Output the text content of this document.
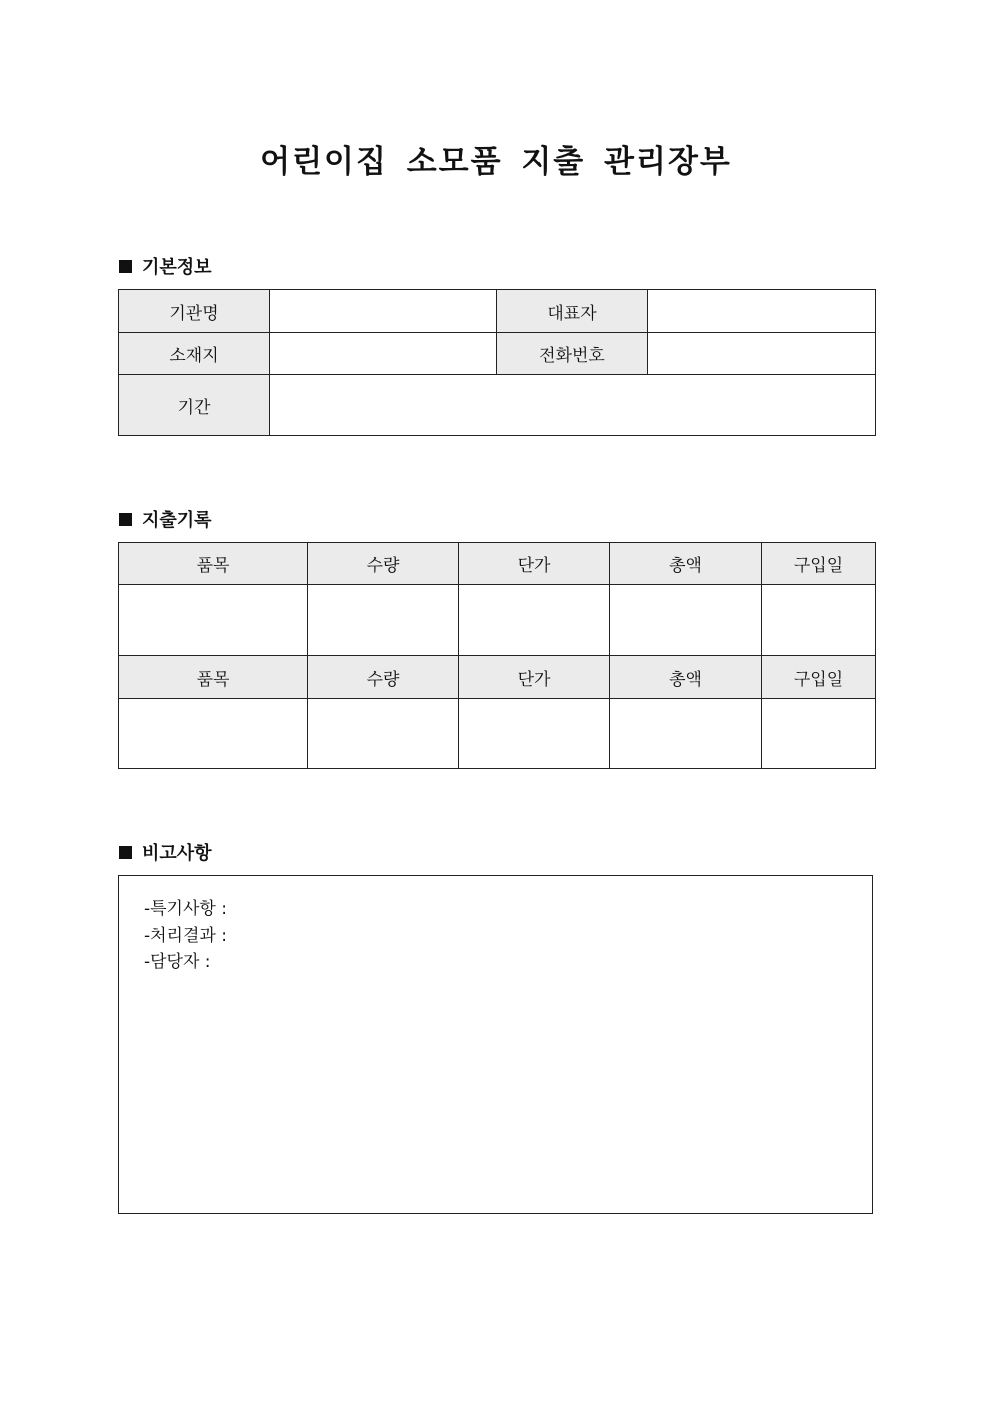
어린이집 소모품 지출 관리장부
기본정보
기관명		대표자	
소재지		전화번호	
기간			
지출기록
품목	수량	단가	총액	구입일

품목	수량	단가	총액	구입일

비고사항
-특기사항 :
-처리결과 :
-담당자 :
